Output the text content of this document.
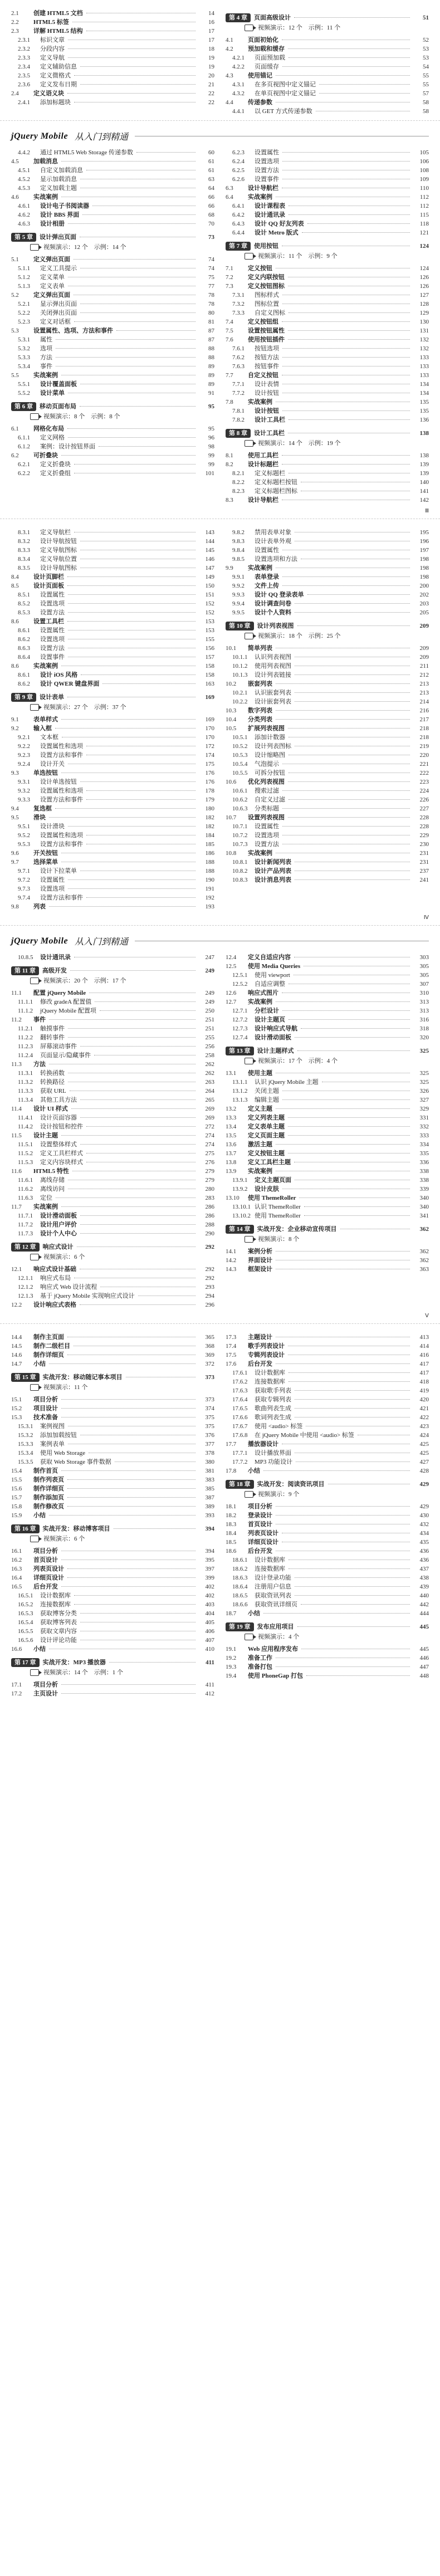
2.1	创建 HTML5 文档	14
2.2	HTML5 标签	16
2.3	详解 HTML5 结构	17
2.3.1	标识文章	17
2.3.2	分段内容	18
2.3.3	定义导航	19
2.3.4	定义辅助信息	19
2.3.5	定义微格式	20
2.3.6	定义发布日期	21
2.4	定义语义块	22
2.4.1	添加标题块	22
第 4 章	页面高级设计	51
视频演示：12 个　示例：11 个
4.1	页面初始化	52
4.2	预加载和缓存	53
4.2.1	页面预加载	53
4.2.2	页面缓存	54
4.3	使用锚记	55
4.3.1	在多页视图中定义锚记	55
4.3.2	在单页视图中定义锚记	57
4.4	传递参数	58
4.4.1	以 GET 方式传递参数	58
jQuery Mobile 从入门到精通
4.4.2	通过 HTML5 Web Storage 传递参数	60
4.5	加载消息	61
4.5.1	自定义加载消息	61
4.5.2	显示加载消息	63
4.5.3	定义加载主题	64
4.6	实战案例	66
4.6.1	设计电子书阅读器	66
4.6.2	设计 BBS 界面	68
4.6.3	设计相册	70
第 5 章	设计弹出页面	73
视频演示：12 个　示例：14 个
5.1	定义弹出页面	74
5.1.1	定义工具提示	74
5.1.2	定义菜单	75
5.1.3	定义表单	77
5.2	定义弹出页面	78
5.2.1	显示弹出页面	78
5.2.2	关闭弹出页面	80
5.2.3	定义对话框	81
5.3	设置属性、选项、方法和事件	87
5.3.1	属性	87
5.3.2	选项	88
5.3.3	方法	88
5.3.4	事件	89
5.5	实战案例	89
5.5.1	设计覆盖面板	89
5.5.2	设计菜单	91
第 6 章	移动页面布局	95
视频演示：8 个　示例：8 个
6.1	网格化布局	95
6.1.1	定义网格	96
6.1.2	案例：设计按钮界面	98
6.2	可折叠块	99
6.2.1	定义折叠块	99
6.2.2	定义折叠组	101
6.2.3	设置属性	105
6.2.4	设置选项	106
6.2.5	设置方法	108
6.2.6	设置事件	109
6.3	设计导航栏	110
6.4	实战案例	112
6.4.1	设计课程表	112
6.4.2	设计通讯录	115
6.4.3	设计 QQ 好友列表	118
6.4.4	设计 Metro 版式	121
第 7 章	使用按钮	124
视频演示：11 个　示例：9 个
7.1	定义按钮	124
7.2	定义内联按钮	126
7.3	定义按钮图标	126
7.3.1	图标样式	127
7.3.2	图标位置	128
7.3.3	自定义图标	129
7.4	定义按钮组	130
7.5	设置按钮属性	131
7.6	使用按钮插件	132
7.6.1	按钮选项	132
7.6.2	按钮方法	133
7.6.3	按钮事件	133
7.7	自定义按钮	133
7.7.1	设计表情	134
7.7.2	设计按钮	134
7.8	实战案例	135
7.8.1	设计按钮	135
7.8.2	设计工具栏	136
第 8 章	设计工具栏	138
视频演示：14 个　示例：19 个
8.1	使用工具栏	138
8.2	设计标题栏	139
8.2.1	定义标题栏	139
8.2.2	定义标题栏按钮	140
8.2.3	定义标题栏图标	141
8.3	设计导航栏	142
Ⅲ
8.3.1	定义导航栏	143
8.3.2	设计导航按钮	144
8.3.3	定义导航图标	145
8.3.4	定义导航位置	146
8.3.5	设计导航图标	147
8.4	设计页脚栏	149
8.5	设计页面板	150
8.5.1	设置属性	151
8.5.2	设置选项	152
8.5.3	设置方法	152
8.6	设置工具栏	153
8.6.1	设置属性	153
8.6.2	设置选项	155
8.6.3	设置方法	156
8.6.4	设置事件	157
8.6	实战案例	158
8.6.1	设计 iOS 风格	158
8.6.2	设计 QWER 键盘界面	163
第 9 章	设计表单	169
视频演示：27 个　示例：37 个
9.1	表单样式	169
9.2	输入框	170
9.2.1	文本框	170
9.2.2	设置属性和选项	172
9.2.3	设置方法和事件	174
9.2.4	设计开关	175
9.3	单选按钮	176
9.3.1	设计单选按钮	176
9.3.2	设置属性和选项	178
9.3.3	设置方法和事件	179
9.4	复选框	180
9.5	滑块	182
9.5.1	设计滑块	182
9.5.2	设置属性和选项	184
9.5.3	设置方法和事件	185
9.6	开关按钮	186
9.7	选择菜单	188
9.7.1	设计下拉菜单	188
9.7.2	设置属性	190
9.7.3	设置选项	191
9.7.4	设置方法和事件	192
9.8	列表	193
9.8.2	禁用表单对象	195
9.8.3	设计表单外观	196
9.8.4	设置属性	197
9.8.5	设置选项和方法	198
9.9	实战案例	198
9.9.1	表单登录	198
9.9.2	文件上传	200
9.9.3	设计 QQ 登录表单	202
9.9.4	设计调查问卷	203
9.9.5	设计个人资料	205
第 10 章	设计列表视图	209
视频演示：18 个　示例：25 个
10.1	简单列表	209
10.1.1	认识列表视图	209
10.1.2	使用列表视图	211
10.1.3	设计列表链接	212
10.2	嵌套列表	213
10.2.1	认识嵌套列表	213
10.2.2	设计嵌套列表	214
10.3	数字列表	216
10.4	分类列表	217
10.5	扩展列表视图	218
10.5.1	添加计数器	218
10.5.2	设计列表图标	219
10.5.3	设计缩略图	220
10.5.4	气泡提示	221
10.5.5	可拆分按钮	222
10.6	优化列表视图	223
10.6.1	搜索过滤	224
10.6.2	自定义过滤	226
10.6.3	分类标题	227
10.7	设置列表视图	228
10.7.1	设置属性	228
10.7.2	设置选项	229
10.7.3	设置方法	230
10.8	实战案例	231
10.8.1	设计新闻列表	231
10.8.2	设计产品列表	237
10.8.3	设计消息列表	241
Ⅳ
jQuery Mobile 从入门到精通
10.8.5	设计通讯录	247
第 11 章	高级开发	249
视频演示：20 个　示例：17 个
11.1	配置 jQuery Mobile	249
11.1.1	修改 gradeA 配置值	249
11.1.2	jQuery Mobile 配置项	250
11.2	事件	251
11.2.1	触摸事件	251
11.2.2	翻转事件	255
11.2.3	屏幕滚动事件	256
11.2.4	页面显示/隐藏事件	258
11.3	方法	262
11.3.1	转换函数	262
11.3.2	转换路径	263
11.3.3	获取 URL	264
11.3.4	其他工具方法	265
11.4	设计 UI 样式	269
11.4.1	设计页面容器	269
11.4.2	设计按钮和控件	272
11.5	设计主题	274
11.5.1	设置整体样式	274
11.5.2	定义工具栏样式	275
11.5.3	定义内容块样式	276
11.6	HTML5 特性	279
11.6.1	离线存储	279
11.6.2	离线访问	280
11.6.3	定位	283
11.7	实战案例	286
11.7.1	设计滑动面板	286
11.7.2	设计用户评价	288
11.7.3	设计个人中心	290
第 12 章	响应式设计	292
视频演示：6 个
12.1	响应式设计基础	292
12.1.1	响应式布局	292
12.1.2	响应式 Web 设计流程	293
12.1.3	基于 jQuery Mobile 实现响应式设计	294
12.2	设计响应式表格	296
12.4	定义自适应内容	303
12.5	使用 Media Queries	305
12.5.1	使用 viewport	305
12.5.2	自适应调整	307
12.6	响应式图片	310
12.7	实战案例	313
12.7.1	分栏设计	313
12.7.2	设计主题页	316
12.7.3	设计响应式导航	318
12.7.4	设计滑动面板	320
第 13 章	设计主题样式	325
视频演示：17 个　示例：4 个
13.1	使用主题	325
13.1.1	认识 jQuery Mobile 主题	325
13.1.2	关闭主题	326
13.1.3	编辑主题	327
13.2	定义主题	329
13.3	定义列表主题	331
13.4	定义表单主题	332
13.5	定义页面主题	333
13.6	激活主题	334
13.7	定义按钮主题	335
13.8	定义工具栏主题	336
13.9	实战案例	338
13.9.1	定义主题页面	338
13.9.2	设计皮肤	339
13.10	使用 ThemeRoller	340
13.10.1 认识 ThemeRoller	340
13.10.2 使用 ThemeRoller	341
第 14 章	实战开发：企业移动宣传项目	362
视频演示：8 个
14.1	案例分析	362
14.2	界面设计	362
14.3	框架设计	363
Ⅴ
14.4	制作主页面	365
14.5	制作二级栏目	368
14.6	制作详细页	369
14.7	小结	372
第 15 章	实战开发：移动随记事本项目	373
视频演示：11 个
15.1	项目分析	373
15.2	项目设计	374
15.3	技术准备	375
15.3.1	案例视图	375
15.3.2	添加加载按钮	376
15.3.3	案例表单	377
15.3.4	使用 Web Storage	378
15.3.5	获取 Web Storage 事件数据	380
15.4	制作首页	381
15.5	制作列表页	383
15.6	制作详细页	385
15.7	制作添加页	387
15.8	制作修改页	389
15.9	小结	393
第 16 章	实战开发：移动博客项目	394
视频演示：6 个
16.1	项目分析	394
16.2	首页设计	395
16.3	列表页设计	397
16.4	详细页设计	399
16.5	后台开发	402
16.5.1	设计数据库	402
16.5.2	连接数据库	403
16.5.3	获取博客分类	404
16.5.4	获取博客列表	405
16.5.5	获取文章内容	406
16.5.6	设计评论功能	407
16.6	小结	410
第 17 章	实战开发：MP3 播放器	411
视频演示：14 个　示例：1 个
17.1	项目分析	411
17.2	主页设计	412
17.3	主题设计	413
17.4	歌手列表设计	414
17.5	专辑列表设计	416
17.6	后台开发	417
17.6.1	设计数据库	417
17.6.2	连接数据库	418
17.6.3	获取歌手列表	419
17.6.4	获取专辑列表	420
17.6.5	歌曲列表生成	421
17.6.6	歌词列表生成	422
17.6.7	使用 <audio> 标签	423
17.6.8	在 jQuery Mobile 中使用 <audio> 标签	424
17.7	播放器设计	425
17.7.1	设计播放界面	425
17.7.2	MP3 功能设计	427
17.8	小结	428
第 18 章	实战开发：阅读资讯项目	429
视频演示：9 个
18.1	项目分析	429
18.2	登录设计	430
18.3	首页设计	432
18.4	列表页设计	434
18.5	详细页设计	435
18.6	后台开发	436
18.6.1	设计数据库	436
18.6.2	连接数据库	437
18.6.3	设计登录功能	438
18.6.4	注册用户信息	439
18.6.5	获取资讯列表	440
18.6.6	获取资讯详细页	442
18.7	小结	444
第 19 章	发布应用项目	445
视频演示：4 个
19.1	Web 应用程序发布	445
19.2	准备工作	446
19.3	准备打包	447
19.4	使用 PhoneGap 打包	448
